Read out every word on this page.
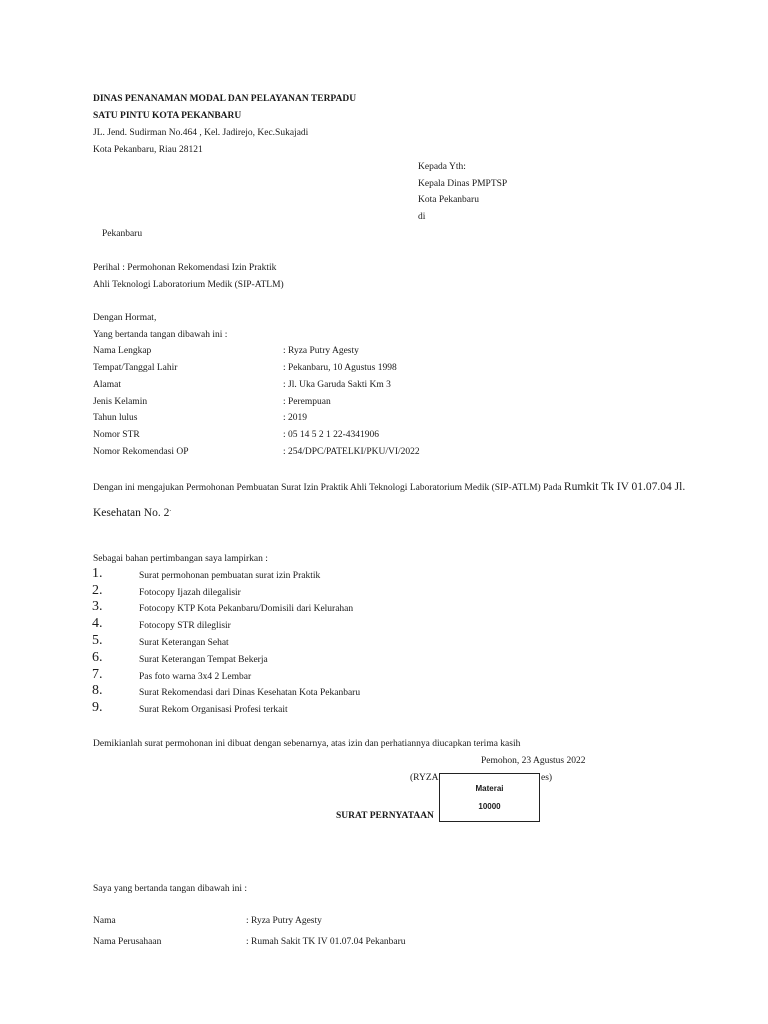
DINAS PENANAMAN MODAL DAN PELAYANAN TERPADU
SATU PINTU KOTA PEKANBARU
JL. Jend. Sudirman No.464 , Kel. Jadirejo, Kec.Sukajadi
Kota Pekanbaru, Riau 28121
Kepada Yth:
Kepala Dinas PMPTSP
Kota Pekanbaru
di
Pekanbaru
Perihal : Permohonan Rekomendasi Izin Praktik
Ahli Teknologi Laboratorium Medik (SIP-ATLM)
Dengan Hormat,
Yang bertanda tangan dibawah ini :
Nama Lengkap	: Ryza Putry Agesty
Tempat/Tanggal Lahir	: Pekanbaru, 10 Agustus 1998
Alamat	: Jl. Uka Garuda Sakti Km 3
Jenis Kelamin	: Perempuan
Tahun lulus	: 2019
Nomor STR	: 05 14 5 2 1 22-4341906
Nomor Rekomendasi OP	: 254/DPC/PATELKI/PKU/VI/2022
Dengan ini mengajukan Permohonan Pembuatan Surat Izin Praktik Ahli Teknologi Laboratorium Medik (SIP-ATLM) Pada Rumkit Tk IV 01.07.04 Jl.
Kesehatan No. 2.
Sebagai bahan pertimbangan saya lampirkan :
1.	Surat permohonan pembuatan surat izin Praktik
2.	Fotocopy Ijazah dilegalisir
3.	Fotocopy KTP Kota Pekanbaru/Domisili dari Kelurahan
4.	Fotocopy STR dileglisir
5.	Surat Keterangan Sehat
6.	Surat Keterangan Tempat Bekerja
7.	Pas foto warna 3x4 2 Lembar
8.	Surat Rekomendasi dari Dinas Kesehatan Kota Pekanbaru
9.	Surat Rekom Organisasi Profesi terkait
Demikianlah surat permohonan ini dibuat dengan sebenarnya, atas izin dan perhatiannya diucapkan terima kasih
Pemohon, 23 Agustus 2022
(RYZA	es)
Materai
10000
SURAT PERNYATAAN
Saya yang bertanda tangan dibawah ini :
Nama	: Ryza Putry Agesty
Nama Perusahaan	: Rumah Sakit TK IV 01.07.04 Pekanbaru
